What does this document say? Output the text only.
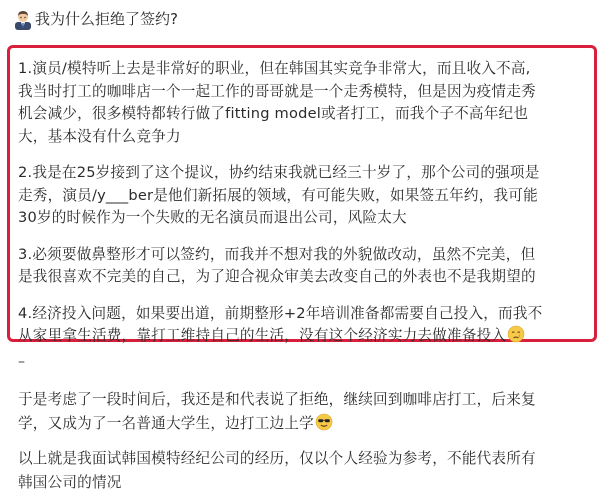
我为什么拒绝了签约?
1.演员/模特听上去是非常好的职业，但在韩国其实竞争非常大，而且收入不高,
我当时打工的咖啡店一个一起工作的哥哥就是一个走秀模特，但是因为疫情走秀
机会减少，很多模特都转行做了fitting model或者打工，而我个子不高年纪也
大，基本没有什么竞争力
2.我是在25岁接到了这个提议，协约结束我就已经三十岁了，那个公司的强项是
走秀，演员/y___ber是他们新拓展的领域，有可能失败，如果签五年约，我可能
30岁的时候作为一个失败的无名演员而退出公司，风险太大
3.必须要做鼻整形才可以签约，而我并不想对我的外貌做改动，虽然不完美，但
是我很喜欢不完美的自己，为了迎合视众审美去改变自己的外表也不是我期望的
4.经济投入问题，如果要出道，前期整形+2年培训准备都需要自己投入，而我不
从家里拿生活费，靠打工维持自己的生活，没有这个经济实力去做准备投入
–
于是考虑了一段时间后，我还是和代表说了拒绝，继续回到咖啡店打工，后来复
学，又成为了一名普通大学生，边打工边上学
以上就是我面试韩国模特经纪公司的经历，仅以个人经验为参考，不能代表所有
韩国公司的情况
